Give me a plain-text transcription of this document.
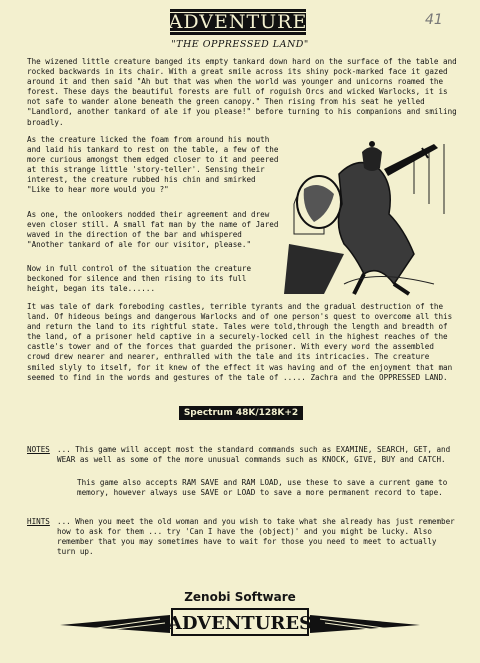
ADVENTURE	41
"THE OPPRESSED LAND"

The wizened little creature banged its empty tankard down hard on the surface of the table and rocked backwards in its chair. With a great smile across its shiny pock-marked face it gazed around it and then said "Ah but that was when the world was younger and unicorns roamed the forest. These days the beautiful forests are full of roguish Orcs and wicked Warlocks, it is not safe to wander alone beneath the green canopy." Then rising from his seat he yelled "Landlord, another tankard of ale if you please!" before turning to his companions and smiling broadly.

As the creature licked the foam from around his mouth and laid his tankard to rest on the table, a few of the more curious amongst them edged closer to it and peered at this strange little 'story-teller'. Sensing their interest, the creature rubbed his chin and smirked "Like to hear more would you ?"

As one, the onlookers nodded their agreement and drew even closer still. A small fat man by the name of Jared waved in the direction of the bar and whispered "Another tankard of ale for our visitor, please."

Now in full control of the situation the creature beckoned for silence and then rising to its full height, began its tale......

It was tale of dark foreboding castles, terrible tyrants and the gradual destruction of the land. Of hideous beings and dangerous Warlocks and of one person's quest to overcome all this and return the land to its rightful state. Tales were told,through the length and breadth of the land, of a prisoner held captive in a securely-locked cell in the highest reaches of the castle's tower and of the forces that guarded the prisoner. With every word the assembled crowd drew nearer and nearer, enthralled with the tale and its intricacies. The creature smiled slyly to itself, for it knew of the effect it was having and of the enjoyment that man seemed to find in the words and gestures of the tale of ..... Zachra and the OPPRESSED LAND.

Spectrum 48K/128K+2
NOTES ... This game will accept most the standard commands such as EXAMINE, SEARCH, GET, and WEAR as well as some of the more unusual commands such as KNOCK, GIVE, BUY and CATCH.

This game also accepts RAM SAVE and RAM LOAD, use these to save a current game to memory, however always use SAVE or LOAD to save a more permanent record to tape.

HINTS ... When you meet the old woman and you wish to take what she already has just remember how to ask for them ... try 'Can I have the (object)' and you might be lucky. Also remember that you may sometimes have to wait for those you need to meet to actually turn up.

Zenobi Software
ADVENTURES
